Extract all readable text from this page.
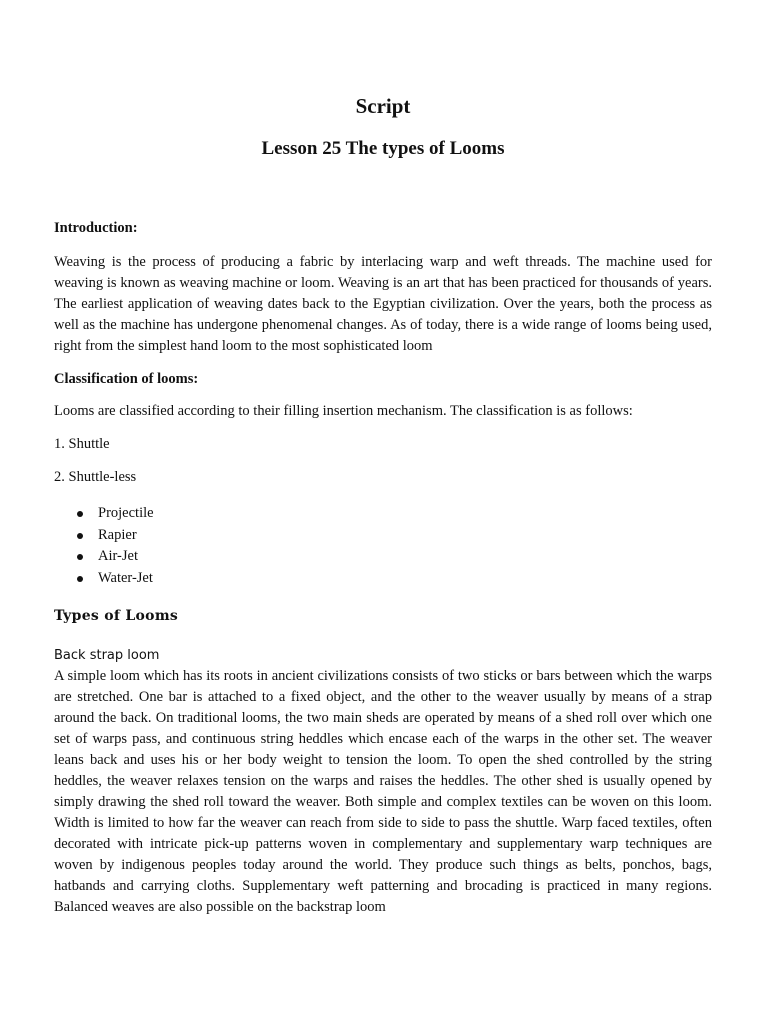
Script
Lesson 25 The types of Looms

Introduction:

Weaving is the process of producing a fabric by interlacing warp and weft threads. The machine used for weaving is known as weaving machine or loom. Weaving is an art that has been practiced for thousands of years. The earliest application of weaving dates back to the Egyptian civilization. Over the years, both the process as well as the machine has undergone phenomenal changes. As of today, there is a wide range of looms being used, right from the simplest hand loom to the most sophisticated loom

Classification of looms:

Looms are classified according to their filling insertion mechanism. The classification is as follows:

1. Shuttle

2. Shuttle-less

Projectile
Rapier
Air-Jet
Water-Jet

Types of Looms

Back strap loom

A simple loom which has its roots in ancient civilizations consists of two sticks or bars between which the warps are stretched. One bar is attached to a fixed object, and the other to the weaver usually by means of a strap around the back. On traditional looms, the two main sheds are operated by means of a shed roll over which one set of warps pass, and continuous string heddles which encase each of the warps in the other set. The weaver leans back and uses his or her body weight to tension the loom. To open the shed controlled by the string heddles, the weaver relaxes tension on the warps and raises the heddles. The other shed is usually opened by simply drawing the shed roll toward the weaver. Both simple and complex textiles can be woven on this loom. Width is limited to how far the weaver can reach from side to side to pass the shuttle. Warp faced textiles, often decorated with intricate pick-up patterns woven in complementary and supplementary warp techniques are woven by indigenous peoples today around the world. They produce such things as belts, ponchos, bags, hatbands and carrying cloths. Supplementary weft patterning and brocading is practiced in many regions. Balanced weaves are also possible on the backstrap loom
